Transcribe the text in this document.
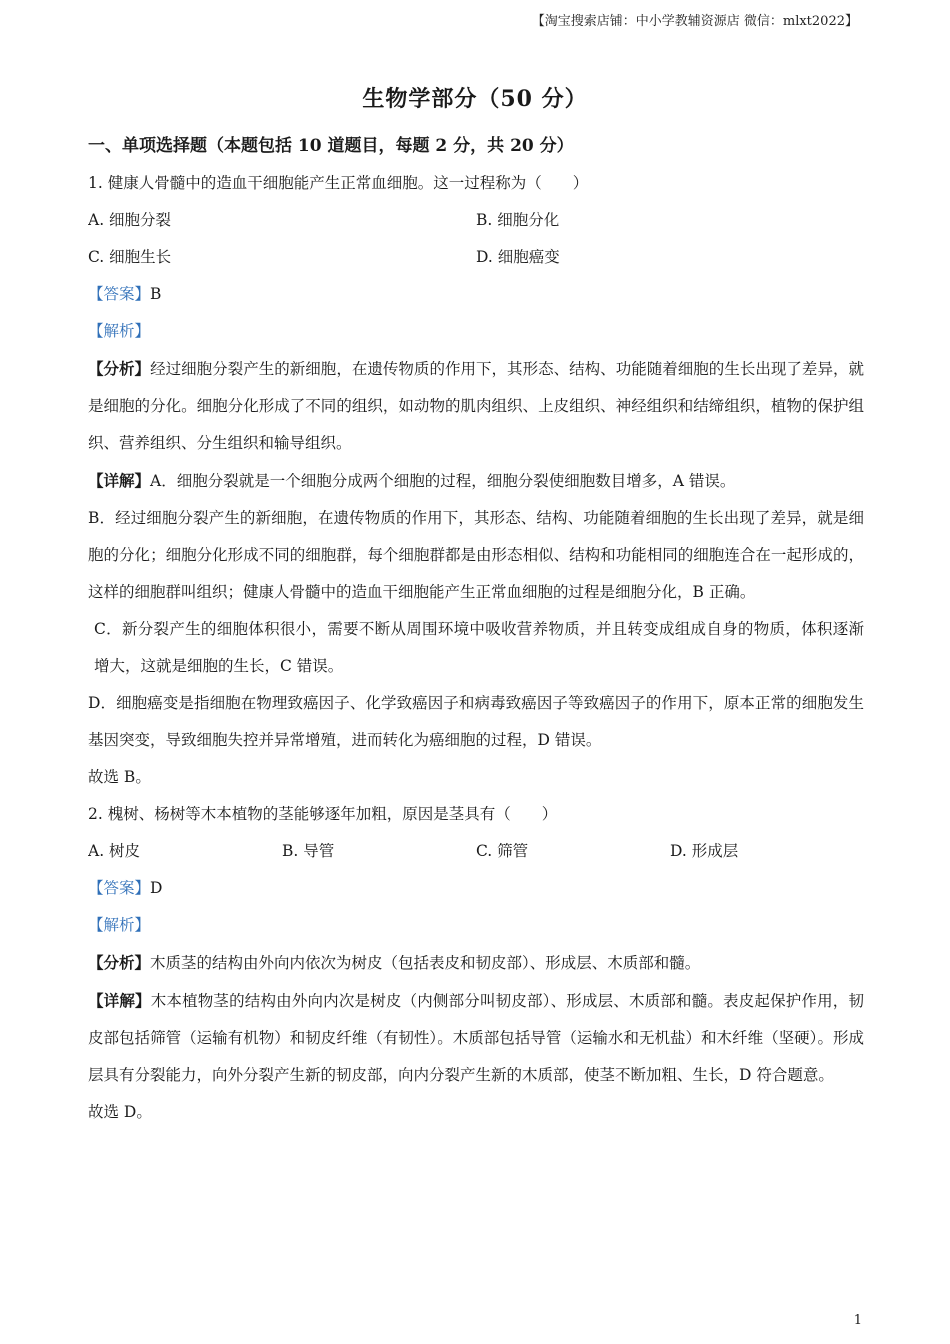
【淘宝搜索店铺：中小学教辅资源店 微信：mlxt2022】
生物学部分（50 分）
一、单项选择题（本题包括 10 道题目，每题 2 分，共 20 分）
1. 健康人骨髓中的造血干细胞能产生正常血细胞。这一过程称为（　　）
A. 细胞分裂	B. 细胞分化
C. 细胞生长	D. 细胞癌变
【答案】B
【解析】
【分析】经过细胞分裂产生的新细胞，在遗传物质的作用下，其形态、结构、功能随着细胞的生长出现了差异，就是细胞的分化。细胞分化形成了不同的组织，如动物的肌肉组织、上皮组织、神经组织和结缔组织，植物的保护组织、营养组织、分生组织和输导组织。
【详解】A．细胞分裂就是一个细胞分成两个细胞的过程，细胞分裂使细胞数目增多，A 错误。
B．经过细胞分裂产生的新细胞，在遗传物质的作用下，其形态、结构、功能随着细胞的生长出现了差异，就是细胞的分化；细胞分化形成不同的细胞群，每个细胞群都是由形态相似、结构和功能相同的细胞连合在一起形成的，这样的细胞群叫组织；健康人骨髓中的造血干细胞能产生正常血细胞的过程是细胞分化，B 正确。
C．新分裂产生的细胞体积很小，需要不断从周围环境中吸收营养物质，并且转变成组成自身的物质，体积逐渐增大，这就是细胞的生长，C 错误。
D．细胞癌变是指细胞在物理致癌因子、化学致癌因子和病毒致癌因子等致癌因子的作用下，原本正常的细胞发生基因突变，导致细胞失控并异常增殖，进而转化为癌细胞的过程，D 错误。
故选 B。
2. 槐树、杨树等木本植物的茎能够逐年加粗，原因是茎具有（　　）
A. 树皮	B. 导管	C. 筛管	D. 形成层
【答案】D
【解析】
【分析】木质茎的结构由外向内依次为树皮（包括表皮和韧皮部）、形成层、木质部和髓。
【详解】木本植物茎的结构由外向内次是树皮（内侧部分叫韧皮部）、形成层、木质部和髓。表皮起保护作用，韧皮部包括筛管（运输有机物）和韧皮纤维（有韧性）。木质部包括导管（运输水和无机盐）和木纤维（坚硬）。形成层具有分裂能力，向外分裂产生新的韧皮部，向内分裂产生新的木质部，使茎不断加粗、生长，D 符合题意。
故选 D。
1
